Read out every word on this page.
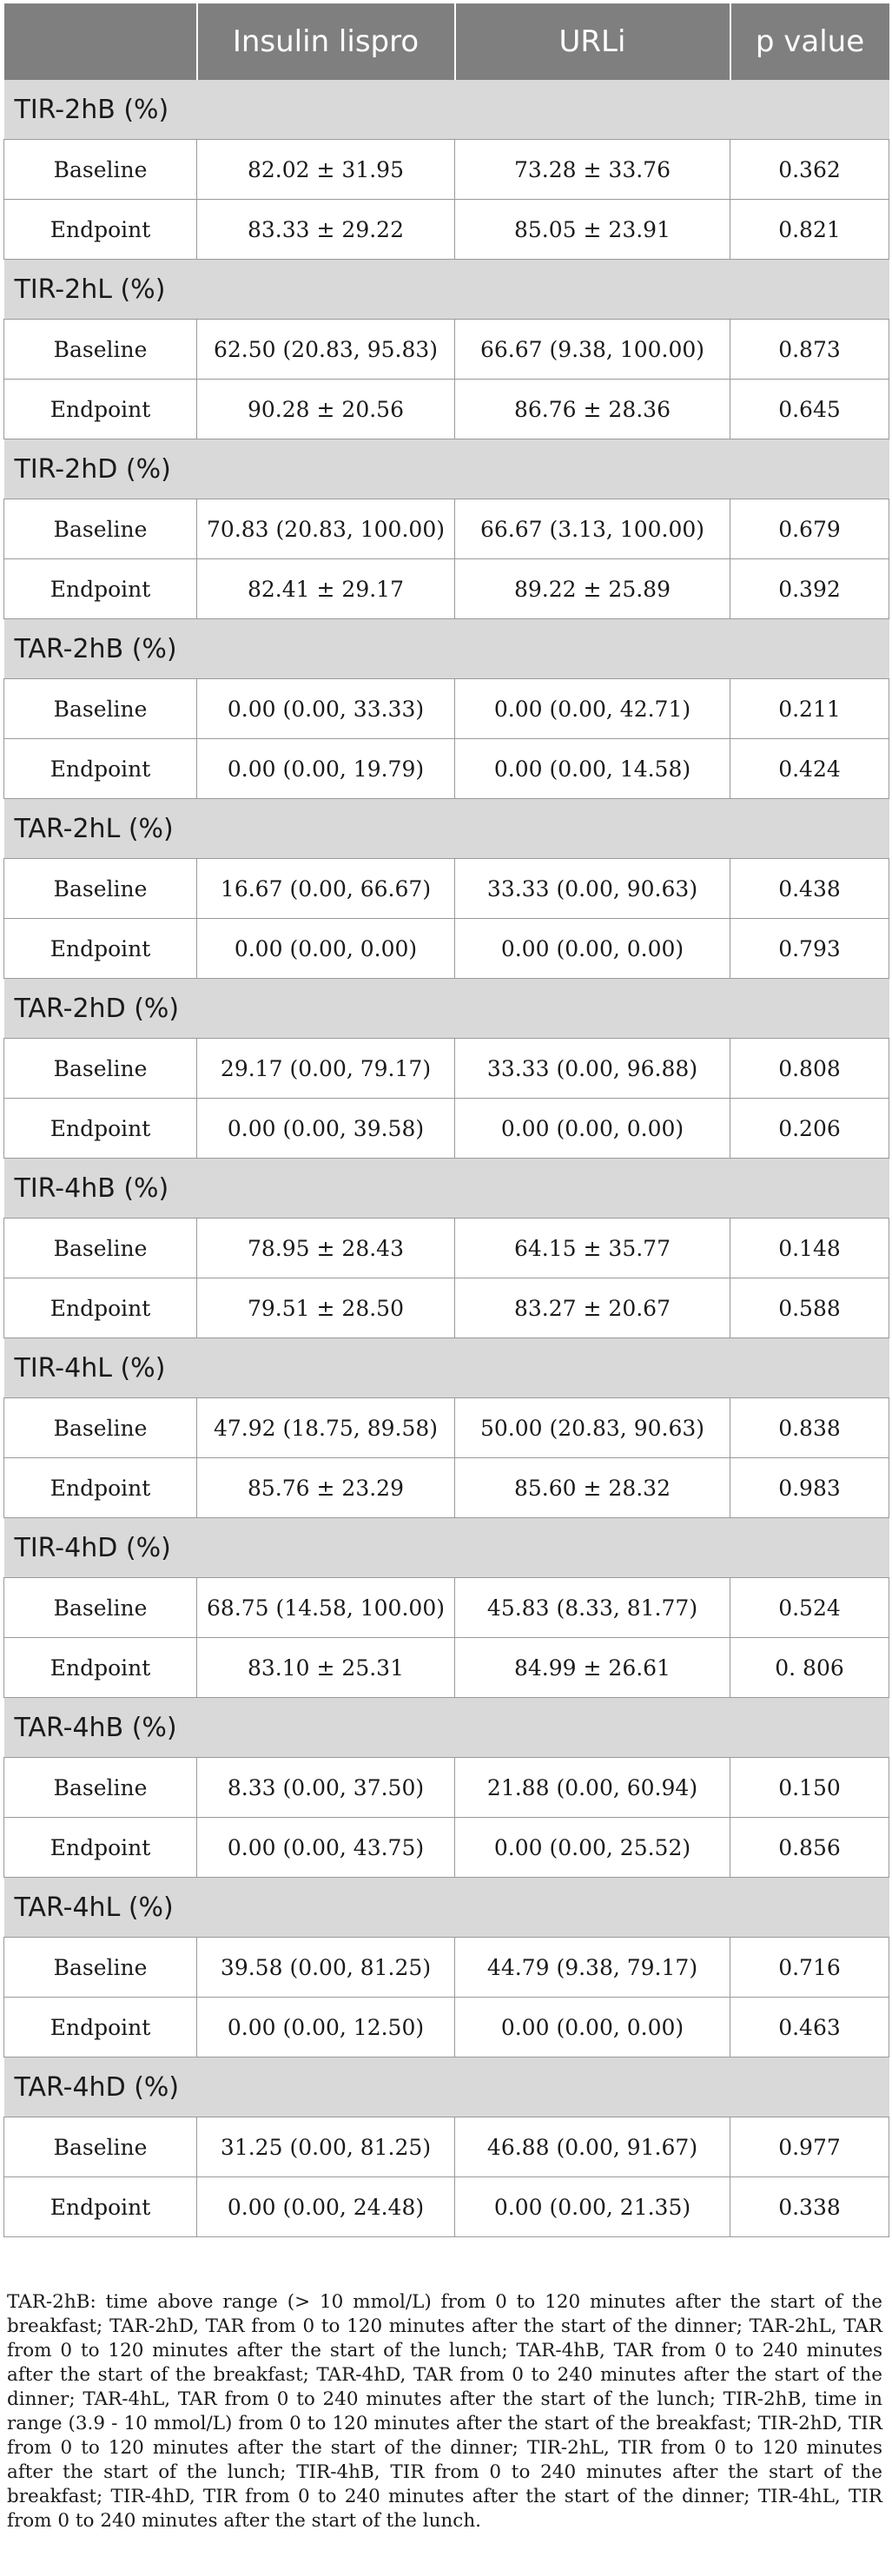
	Insulin lispro	URLi	p value
TIR-2hB (%)			
Baseline	82.02 ± 31.95	73.28 ± 33.76	0.362
Endpoint	83.33 ± 29.22	85.05 ± 23.91	0.821
TIR-2hL (%)			
Baseline	62.50 (20.83, 95.83)	66.67 (9.38, 100.00)	0.873
Endpoint	90.28 ± 20.56	86.76 ± 28.36	0.645
TIR-2hD (%)			
Baseline	70.83 (20.83, 100.00)	66.67 (3.13, 100.00)	0.679
Endpoint	82.41 ± 29.17	89.22 ± 25.89	0.392
TAR-2hB (%)			
Baseline	0.00 (0.00, 33.33)	0.00 (0.00, 42.71)	0.211
Endpoint	0.00 (0.00, 19.79)	0.00 (0.00, 14.58)	0.424
TAR-2hL (%)			
Baseline	16.67 (0.00, 66.67)	33.33 (0.00, 90.63)	0.438
Endpoint	0.00 (0.00, 0.00)	0.00 (0.00, 0.00)	0.793
TAR-2hD (%)			
Baseline	29.17 (0.00, 79.17)	33.33 (0.00, 96.88)	0.808
Endpoint	0.00 (0.00, 39.58)	0.00 (0.00, 0.00)	0.206
TIR-4hB (%)			
Baseline	78.95 ± 28.43	64.15 ± 35.77	0.148
Endpoint	79.51 ± 28.50	83.27 ± 20.67	0.588
TIR-4hL (%)			
Baseline	47.92 (18.75, 89.58)	50.00 (20.83, 90.63)	0.838
Endpoint	85.76 ± 23.29	85.60 ± 28.32	0.983
TIR-4hD (%)			
Baseline	68.75 (14.58, 100.00)	45.83 (8.33, 81.77)	0.524
Endpoint	83.10 ± 25.31	84.99 ± 26.61	0. 806
TAR-4hB (%)			
Baseline	8.33 (0.00, 37.50)	21.88 (0.00, 60.94)	0.150
Endpoint	0.00 (0.00, 43.75)	0.00 (0.00, 25.52)	0.856
TAR-4hL (%)			
Baseline	39.58 (0.00, 81.25)	44.79 (9.38, 79.17)	0.716
Endpoint	0.00 (0.00, 12.50)	0.00 (0.00, 0.00)	0.463
TAR-4hD (%)			
Baseline	31.25 (0.00, 81.25)	46.88 (0.00, 91.67)	0.977
Endpoint	0.00 (0.00, 24.48)	0.00 (0.00, 21.35)	0.338

TAR-2hB: time above range (> 10 mmol/L) from 0 to 120 minutes after the start of the breakfast; TAR-2hD, TAR from 0 to 120 minutes after the start of the dinner; TAR-2hL, TAR from 0 to 120 minutes after the start of the lunch; TAR-4hB, TAR from 0 to 240 minutes after the start of the breakfast; TAR-4hD, TAR from 0 to 240 minutes after the start of the dinner; TAR-4hL, TAR from 0 to 240 minutes after the start of the lunch; TIR-2hB, time in range (3.9 - 10 mmol/L) from 0 to 120 minutes after the start of the breakfast; TIR-2hD, TIR from 0 to 120 minutes after the start of the dinner; TIR-2hL, TIR from 0 to 120 minutes after the start of the lunch; TIR-4hB, TIR from 0 to 240 minutes after the start of the breakfast; TIR-4hD, TIR from 0 to 240 minutes after the start of the dinner; TIR-4hL, TIR from 0 to 240 minutes after the start of the lunch.
